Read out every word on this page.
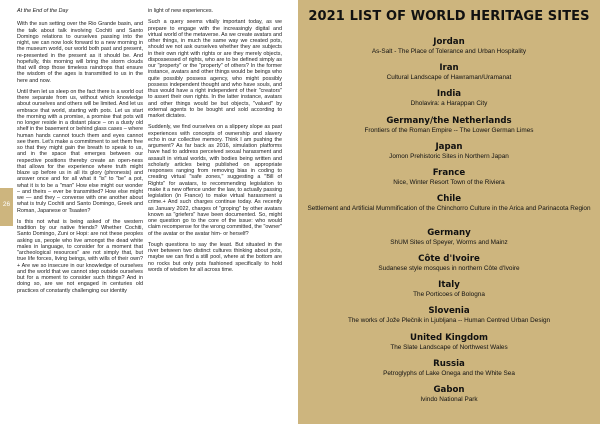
26

At the End of the Day

With the sun setting over the Rio Grande basin, and the talk about talk involving Cochiti and Santo Domingo relations to ourselves passing into the night, we can now look forward to a new morning in the museum world, our world both past and present, re-presented in the present as it should be. And hopefully, this morning will bring the storm clouds that will drop those timeless raindrops that ensure the wisdom of the ages is transmitted to us in the here and now.

Until then let us sleep on the fact there is a world out there separate from us, without which knowledge about ourselves and others will be limited. And let us embrace that world, starting with pots. Let us start the morning with a promise, a promise that pots will no longer reside in a distant place – on a dusty old shelf in the basement or behind glass cases – where human hands cannot touch them and eyes cannot see them. Let's make a commitment to set them free so that they might gain the breath to speak to us, and in the space that emerges between our respective positions thereby create an open-ness that allows for the experience where truth might blaze up before us in all its glory (phronesis) and answer once and for all what it "is" to "be" a pot, what it is to be a "man" How else might our wonder – and theirs – ever be transmitted? How else might we — and they – converse with one another about what is truly Cochiti and Santo Domingo, Greek and Roman, Japanese or Tsaaten?

Is this not what is being asked of the western tradition by our native friends? Whether Cochiti, Santo Domingo, Zuni or Hopi: are not these peoples asking us, people who live amongst the dead white males in language, to consider for a moment that "archeological resources" are not simply that, but true life forces, living beings, with wills of their own?+ Are we so insecure in our knowledge of ourselves and the world that we cannot step outside ourselves but for a moment to consider such things? And in doing so, are we not engaged in centuries old practices of constantly challenging our identity

in light of new experiences.

Such a query seems vitally important today, as we prepare to engage with the increasingly digital and virtual world of the metaverse. As we create avatars and other things, in much the same way we created pots, should we not ask ourselves whether they are subjects in their own right with rights or are they merely objects, dispossessed of rights, who are to be defined simply as our "property" or the "property" of others? In the former instance, avatars and other things would be beings who quite possibly possess agency, who might possibly possess independent thought and who have souls, and thus would have a right independent of their "creators" to assert their own rights. In the latter instance, avatars and other things would be but objects, "valued" by external agents to be bought and sold according to market dictates.

Suddenly, we find ourselves on a slippery slope as past experiences with concepts of ownership and slavery echo in our collective memory. Think I am pushing the argument? As far back as 2016, simulation platforms have had to address perceived sexual harassment and assault in virtual worlds, with bodies being written and scholarly articles being published on appropriate responses ranging from removing bias in coding to creating virtual "safe zones," suggesting a "Bill of Rights" for avatars, to recommending legislation to make it a new offence under the law, to actually passing legislation (in France) to make virtual harassment a crime.+ And such charges continue today. As recently as January 2022, charges of "groping" by other avatars known as "griefers" have been documented. So, might one question go to the core of the issue: who would claim recompense for the wrong committed, the "owner" of the avatar or the avatar him- or herself?

Tough questions to say the least. But situated in the river between two distinct cultures thinking about pots, maybe we can find a still pool, where at the bottom are no rocks but only pots fashioned specifically to hold words of wisdom for all across time.

2021 LIST OF WORLD HERITAGE SITES
Jordan
As-Salt - The Place of Tolerance and Urban Hospitality
Iran
Cultural Landscape of Hawraman/Uramanat
India
Dholavira: a Harappan City
Germany/the Netherlands
Frontiers of the Roman Empire -- The Lower German Limes
Japan
Jomon Prehistoric Sites in Northern Japan
France
Nice, Winter Resort Town of the Riviera
Chile
Settlement and Artificial Mummification of the Chinchorro Culture in the Arica and Parinacota Region
Germany
ShUM Sites of Speyer, Worms and Mainz
Côte d'Ivoire
Sudanese style mosques in northern Côte d'Ivoire
Italy
The Porticoes of Bologna
Slovenia
The works of Jože Plečnik in Ljubljana -- Human Centred Urban Design
United Kingdom
The Slate Landscape of Northwest Wales
Russia
Petroglyphs of Lake Onega and the White Sea
Gabon
Ivindo National Park
